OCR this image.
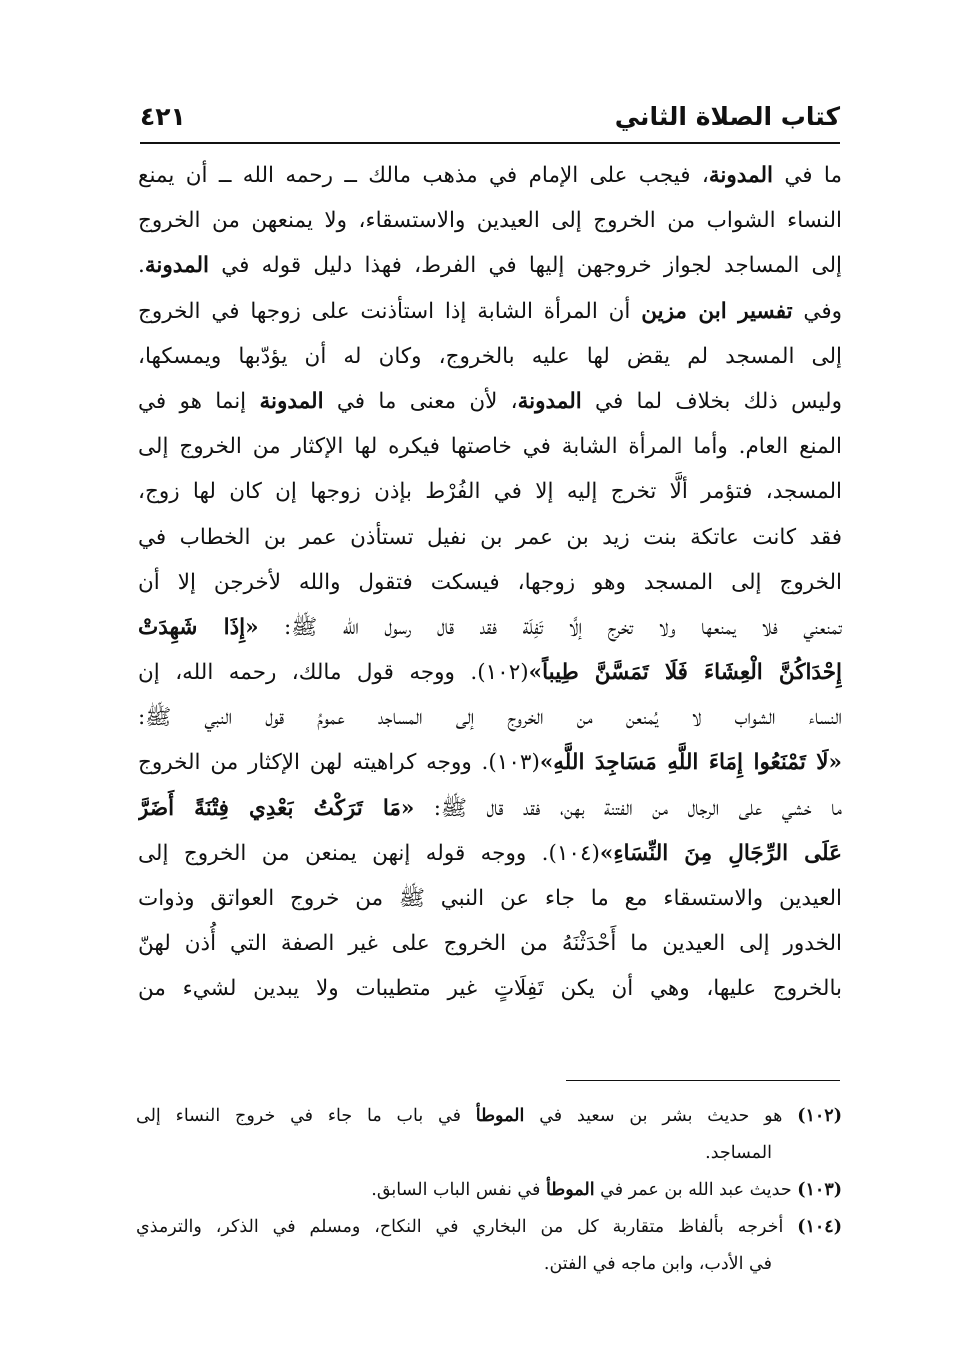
كتاب الصلاة الثاني
٤٢١
ما في المدونة، فيجب على الإمام في مذهب مالك ــ رحمه الله ــ أن يمنع
النساء الشواب من الخروج إلى العيدين والاستسقاء، ولا يمنعهن من الخروج
إلى المساجد لجواز خروجهن إليها في الفرط، فهذا دليل قوله في المدونة.
وفي تفسير ابن مزين أن المرأة الشابة إذا استأذنت على زوجها في الخروج
إلى المسجد لم يقض لها عليه بالخروج، وكان له أن يؤدّبها ويمسكها،
وليس ذلك بخلاف لما في المدونة، لأن معنى ما في المدونة إنما هو في
المنع العام. وأما المرأة الشابة في خاصتها فيكره لها الإكثار من الخروج إلى
المسجد، فتؤمر ألَّا تخرج إليه إلا في الفُرْط بإذن زوجها إن كان لها زوج،
فقد كانت عاتكة بنت زيد بن عمر بن نفيل تستأذن عمر بن الخطاب في
الخروج إلى المسجد وهو زوجها، فيسكت فتقول والله لأخرجن إلا أن
تمنعني فلا يمنعها ولا تخرج إلَّا تَفِلَة فقد قال رسول الله ﷺ: «إِذَا شَهِدَتْ
إِحْدَاكُنَّ الْعِشَاءَ فَلَا تَمَسَّنَّ طِيباً»(١٠٢). ووجه قول مالك، رحمه الله، إن
النساء الشواب لا يُمنعن من الخروج إلى المساجد عمومُ قول النبي ﷺ:
«لَا تَمْنَعُوا إِمَاءَ اللَّهِ مَسَاجِدَ اللَّهِ»(١٠٣). ووجه كراهيته لهن الإكثار من الخروج
ما خشي على الرجال من الفتنة بهن، فقد قال ﷺ: «مَا تَرَكْتُ بَعْدِي فِتْنَةً أَضَرَّ
عَلَى الرِّجَالِ مِنَ النِّسَاءِ»(١٠٤). ووجه قوله إنهن يمنعن من الخروج إلى
العيدين والاستسقاء مع ما جاء عن النبي ﷺ من خروج العواتق وذوات
الخدور إلى العيدين ما أَحْدَثْنَهُ من الخروج على غير الصفة التي أُذن لهنّ
بالخروج عليها، وهي أن يكن تَفِلَاتٍ غير متطيبات ولا يبدين لشيء من
(١٠٢) هو حديث بشر بن سعيد في الموطأ في باب ما جاء في خروج النساء إلى
المساجد.
(١٠٣) حديث عبد الله بن عمر في الموطأ في نفس الباب السابق.
(١٠٤) أخرجه بألفاظ متقاربة كل من البخاري في النكاح، ومسلم في الذكر، والترمذي
في الأدب، وابن ماجه في الفتن.
